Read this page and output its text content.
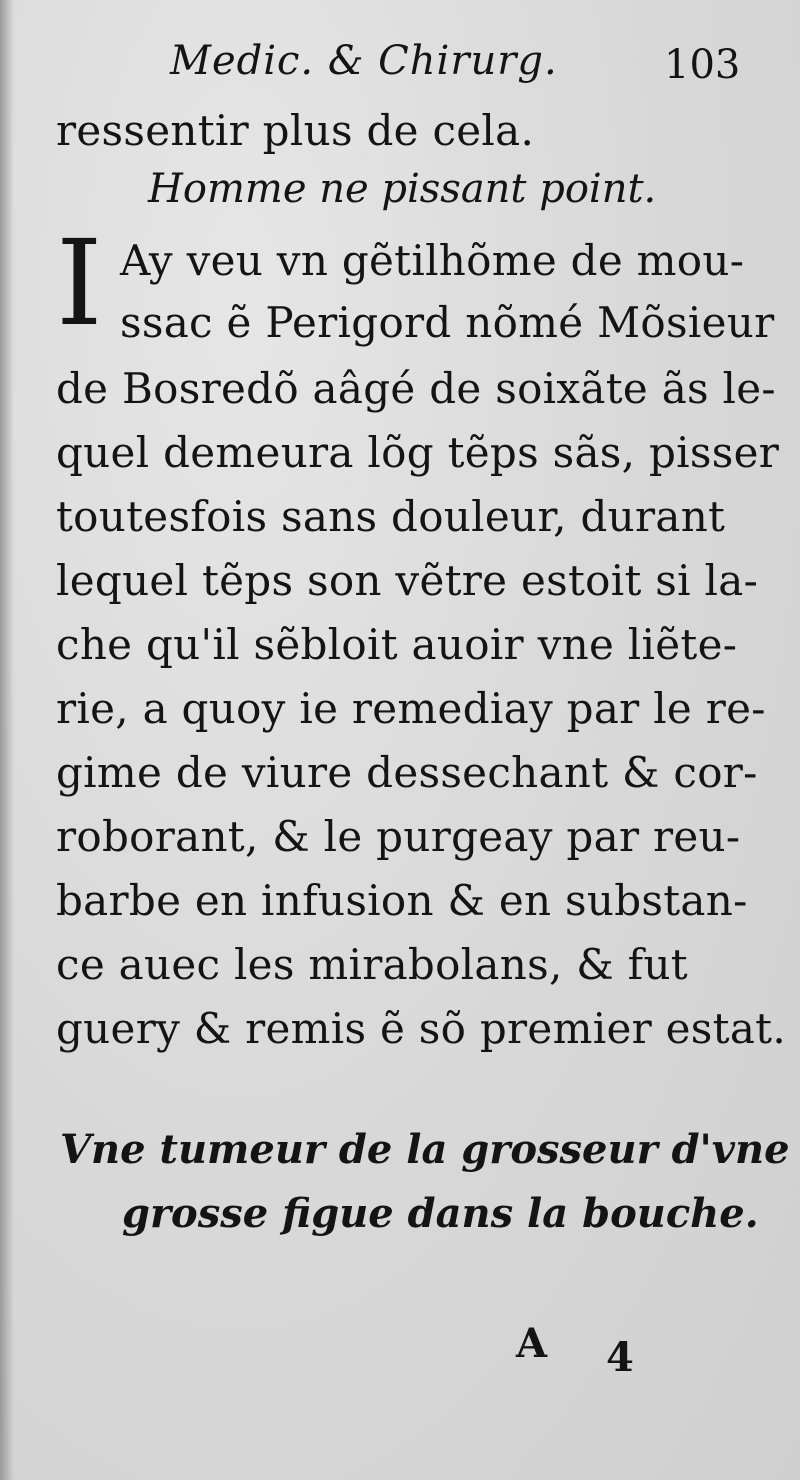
Medic. & Chirurg.	103
ressentir plus de cela.
Homme ne pissant point.
I Ay veu vn gẽtilhõme de mou-
ssac ẽ Perigord nõmé Mõsieur
de Bosredõ aâgé de soixãte ãs le-
quel demeura lõg tẽps sãs, pisser
toutesfois sans douleur, durant
lequel tẽps son vẽtre estoit si la-
che qu'il sẽbloit auoir vne liẽte-
rie, a quoy ie remediay par le re-
gime de viure dessechant & cor-
roborant, & le purgeay par reu-
barbe en infusion & en substan-
ce auec les mirabolans, & fut
guery & remis ẽ sõ premier estat.
Vne tumeur de la grosseur d'vne
grosse figue dans la bouche.
A 4
